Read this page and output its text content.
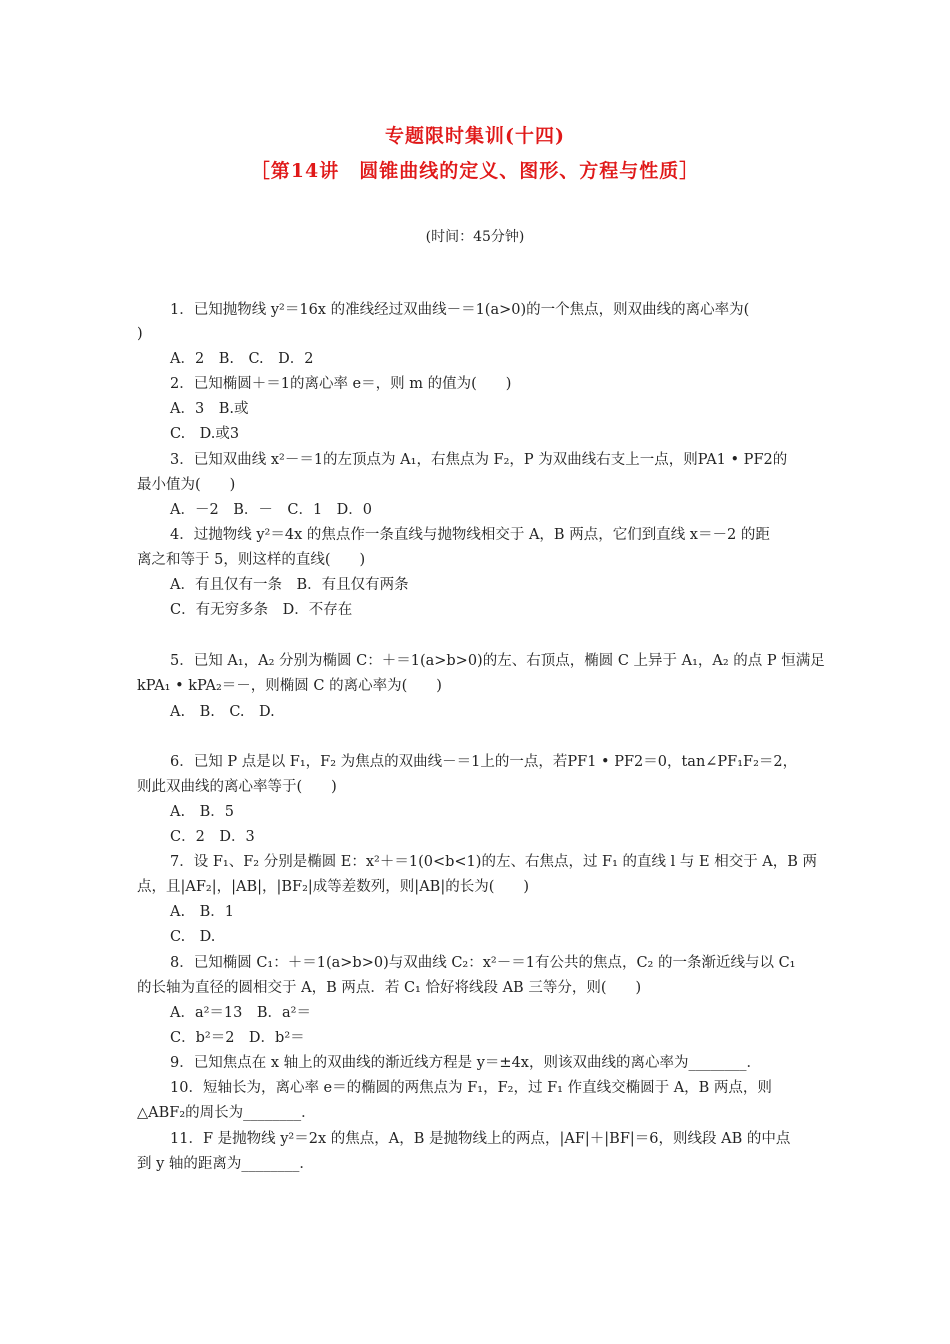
专题限时集训(十四)
［第14讲　圆锥曲线的定义、图形、方程与性质］
(时间：45分钟)
1．已知抛物线 y²＝16x 的准线经过双曲线－＝1(a>0)的一个焦点，则双曲线的离心率为(
)
A．2　B.　C.　D．2
2．已知椭圆＋＝1的离心率 e＝，则 m 的值为(　　)
A．3　B.或
C.　D.或3
3．已知双曲线 x²－＝1的左顶点为 A₁，右焦点为 F₂，P 为双曲线右支上一点，则PA1 • PF2的
最小值为(　　)
A．－2　B．－　C．1　D．0
4．过抛物线 y²＝4x 的焦点作一条直线与抛物线相交于 A，B 两点，它们到直线 x＝－2 的距
离之和等于 5，则这样的直线(　　)
A．有且仅有一条　B．有且仅有两条
C．有无穷多条　D．不存在
5．已知 A₁，A₂ 分别为椭圆 C：＋＝1(a>b>0)的左、右顶点，椭圆 C 上异于 A₁，A₂ 的点 P 恒满足
kPA₁ • kPA₂＝－，则椭圆 C 的离心率为(　　)
A.　B.　C.　D.
6．已知 P 点是以 F₁，F₂ 为焦点的双曲线－＝1上的一点，若PF1 • PF2＝0，tan∠PF₁F₂＝2，
则此双曲线的离心率等于(　　)
A.　B．5
C．2　D．3
7．设 F₁、F₂ 分别是椭圆 E：x²＋＝1(0<b<1)的左、右焦点，过 F₁ 的直线 l 与 E 相交于 A，B 两
点，且|AF₂|，|AB|，|BF₂|成等差数列，则|AB|的长为(　　)
A.　B．1
C.　D.
8．已知椭圆 C₁：＋＝1(a>b>0)与双曲线 C₂：x²－＝1有公共的焦点，C₂ 的一条渐近线与以 C₁
的长轴为直径的圆相交于 A，B 两点．若 C₁ 恰好将线段 AB 三等分，则(　　)
A．a²＝13　B．a²＝
C．b²＝2　D．b²＝
9．已知焦点在 x 轴上的双曲线的渐近线方程是 y＝±4x，则该双曲线的离心率为________．
10．短轴长为，离心率 e＝的椭圆的两焦点为 F₁，F₂，过 F₁ 作直线交椭圆于 A，B 两点，则
△ABF₂的周长为________．
11．F 是抛物线 y²＝2x 的焦点，A，B 是抛物线上的两点，|AF|＋|BF|＝6，则线段 AB 的中点
到 y 轴的距离为________．
